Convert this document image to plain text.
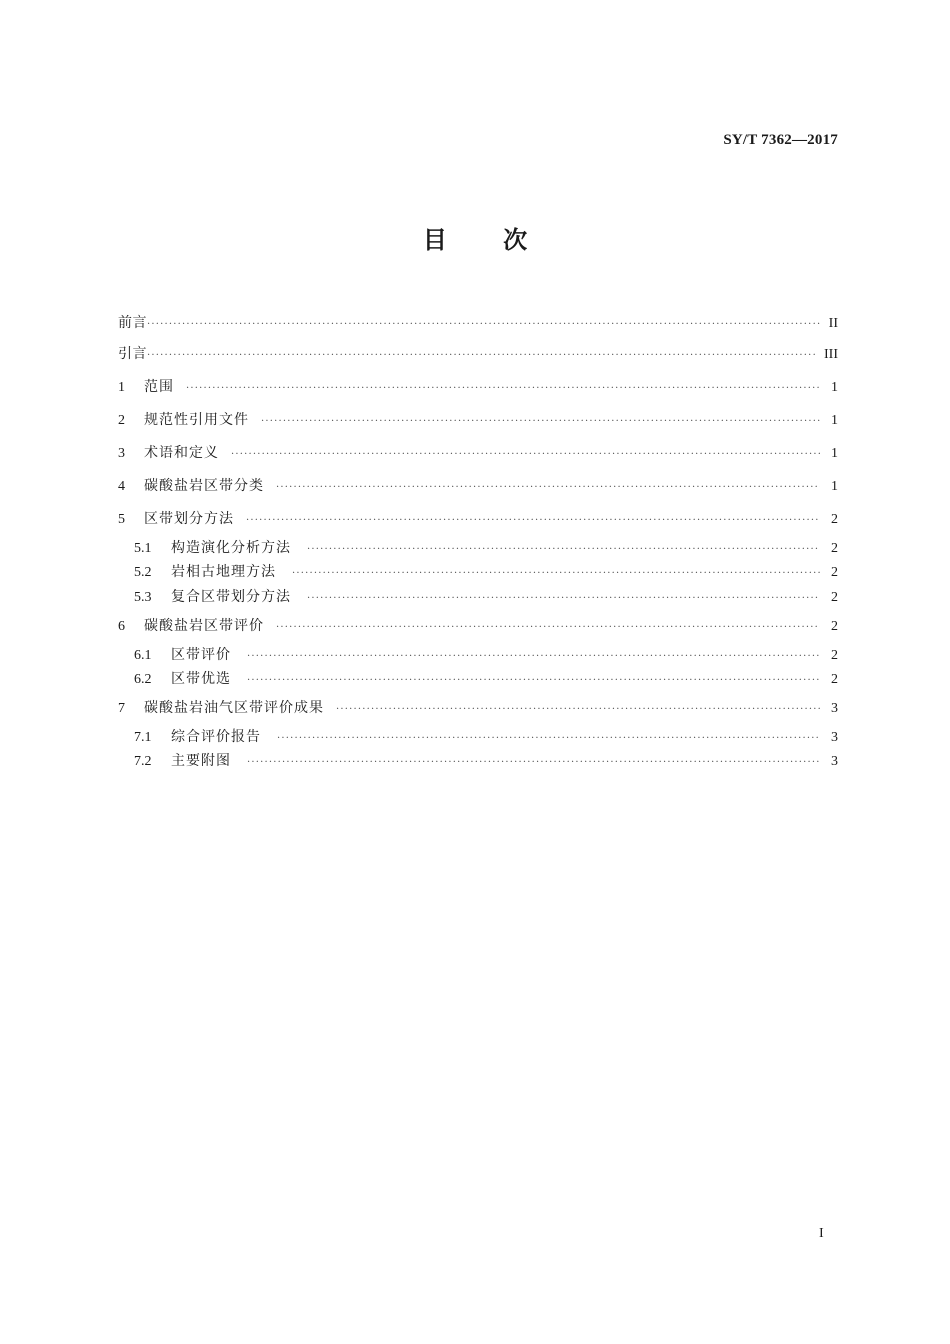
SY/T 7362—2017
目 次
前言 ·····	II
引言 ·····	III
1	范围 ·····	1
2	规范性引用文件 ·····	1
3	术语和定义 ·····	1
4	碳酸盐岩区带分类 ·····	1
5	区带划分方法 ·····	2
5.1	构造演化分析方法 ·····	2
5.2	岩相古地理方法 ·····	2
5.3	复合区带划分方法 ·····	2
6	碳酸盐岩区带评价 ·····	2
6.1	区带评价 ·····	2
6.2	区带优选 ·····	2
7	碳酸盐岩油气区带评价成果 ·····	3
7.1	综合评价报告 ·····	3
7.2	主要附图 ·····	3
I
